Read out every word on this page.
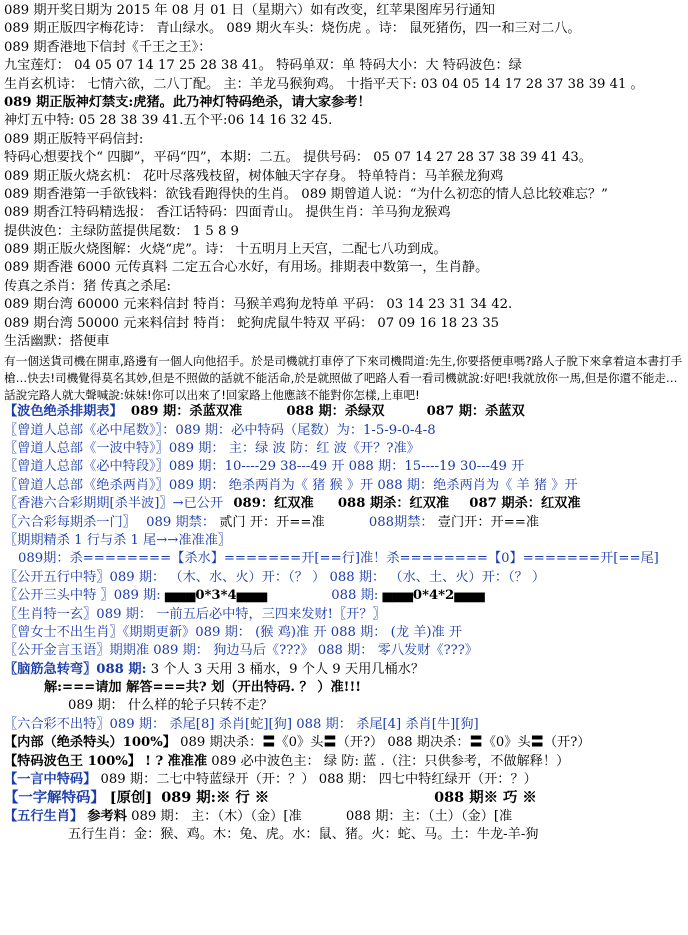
089 期开奖日期为 2015 年 08 月 01 日（星期六）如有改变，红苹果图库另行通知
089 期正版四字梅花诗： 青山绿水。 089 期火车头：烧伤虎 。诗： 鼠死猪伤，四一和三对二八。
089 期香港地下信封《千王之王》：
九宝莲灯： 04 05 07 14 17 25 28 38 41。 特码单双：单 特码大小：大 特码波色：绿
生肖玄机诗： 七情六欲，二八丁配。 主：羊龙马猴狗鸡。 十指平天下: 03 04 05 14 17 28 37 38 39 41 。
089 期正版神灯禁支:虎猪。此乃神灯特码绝杀，请大家参考！
神灯五中特: 05 28 38 39 41.五个平:06 14 16 32 45.
089 期正版特平码信封:
特码心想要找个“ 四脚”，平码“四”，本期：二五。 提供号码： 05 07 14 27 28 37 38 39 41 43。
089 期正版火烧玄机： 花叶尽落残枝留，树体触天字存身。 特单特肖：马羊猴龙狗鸡
089 期香港第一手欲钱料：欲钱看跑得快的生肖。 089 期曾道人说：“为什么初恋的情人总比较难忘？”
089 期香江特码精选报： 香江话特码：四面青山。 提供生肖：羊马狗龙猴鸡
提供波色：主绿防蓝提供尾数： 1 5 8 9
089 期正版火烧图解：火烧“虎”。诗： 十五明月上天宫，二配七八功到成。
089 期香港 6000 元传真料 二定五合心水好，有用场。排期表中数第一，生肖静。
传真之杀肖：猪 传真之杀尾:
089 期台湾 60000 元来料信封 特肖：马猴羊鸡狗龙特单 平码： 03 14 23 31 34 42.
089 期台湾 50000 元来料信封 特肖： 蛇狗虎鼠牛特双 平码： 07 09 16 18 23 35
生活幽默：搭便車
有一個送貨司機在開車,路邊有一個人向他招手。於是司機就打車停了下來司機問道:先生,你要搭便車嗎?路人子脫下來拿着這本書打手槍…快去!司機覺得莫名其妙,但是不照做的話就不能活命,於是就照做了吧路人看一看司機就說:好吧!我就放你一馬,但是你還不能走…話說完路人就大聲喊說:妹妹!你可以出來了!回家路上他應該不能對你怎樣,上車吧!
【波色绝杀排期表】 089 期：杀蓝双准	088 期：杀绿双	087 期：杀蓝双
〖曾道人总部《必中尾数》〗：089 期：必中特码（尾数）为：1-5-9-0-4-8
〖曾道人总部《一波中特》〗089 期： 主：绿 波 防：红 波《开？?准》
〖曾道人总部《必中特段》〗089 期：10----29 38---49 开 088 期：15----19 30---49 开
〖曾道人总部《绝杀两肖》〗089 期： 绝杀两肖为《 猪 猴 》开 088 期：绝杀两肖为《 羊 猪 》开
〖香港六合彩期期[杀半波]〗→已公开 089：红双准 088 期杀：红双准 087 期杀：红双准
〖六合彩每期杀一门〗 089 期禁： 贰门 开：开==准	088期禁： 壹门开：开==准
〖期期精杀 1 行与杀 1 尾→→准准准〗
089期：杀========【杀水】=======开[==行]准！杀========【0】=======开[==尾]
〖公开五行中特〗089 期： （木、水、火）开：（？ ） 088 期： （水、土、火）开：（？ ）
〖公开三头中特 〗089 期: ▅▅▅0*3*4▅▅▅	088 期: ▅▅▅0*4*2▅▅▅
〖生肖特一玄〗089 期： 一前五后必中特，三四来发财!〖开？〗
〖曾女士不出生肖〗《期期更新》089 期： (猴 鸡)准 开 088 期： (龙 羊)准 开
〖公开金言玉语〗期期准 089 期： 狗边马后《???》 088 期： 零八发财《???》
〖脑筋急转弯〗088 期: 3 个人 3 天用 3 桶水，9 个人 9 天用几桶水？
解:===请加 解答===共? 划（开出特码. ？ ）准!!!
089 期： 什么样的轮子只转不走？
〖六合彩不出特〗089 期： 杀尾[8] 杀肖[蛇][狗] 088 期： 杀尾[4] 杀肖[牛][狗]
【内部（绝杀特头）100%】 089 期决杀：〓《0》头〓（开?） 088 期决杀：〓《0》头〓（开?）
【特码波色王 100%】 ! ? 准准准 089 必中波色主： 绿 防: 蓝 .（注：只供参考，不做解释！）
【一言中特码】 089 期：二七中特蓝绿开（开：？） 088 期： 四七中特红绿开（开：？）
【一字解特码】 [原创] 089 期:※ 行 ※	088 期※ 巧 ※
【五行生肖】 参考料 089 期： 主：（木）（金）[准	088 期：主：（土）（金）[准
五行生肖：金：猴、鸡。木：兔、虎。水：鼠、猪。火：蛇、马。土：牛龙-羊-狗
